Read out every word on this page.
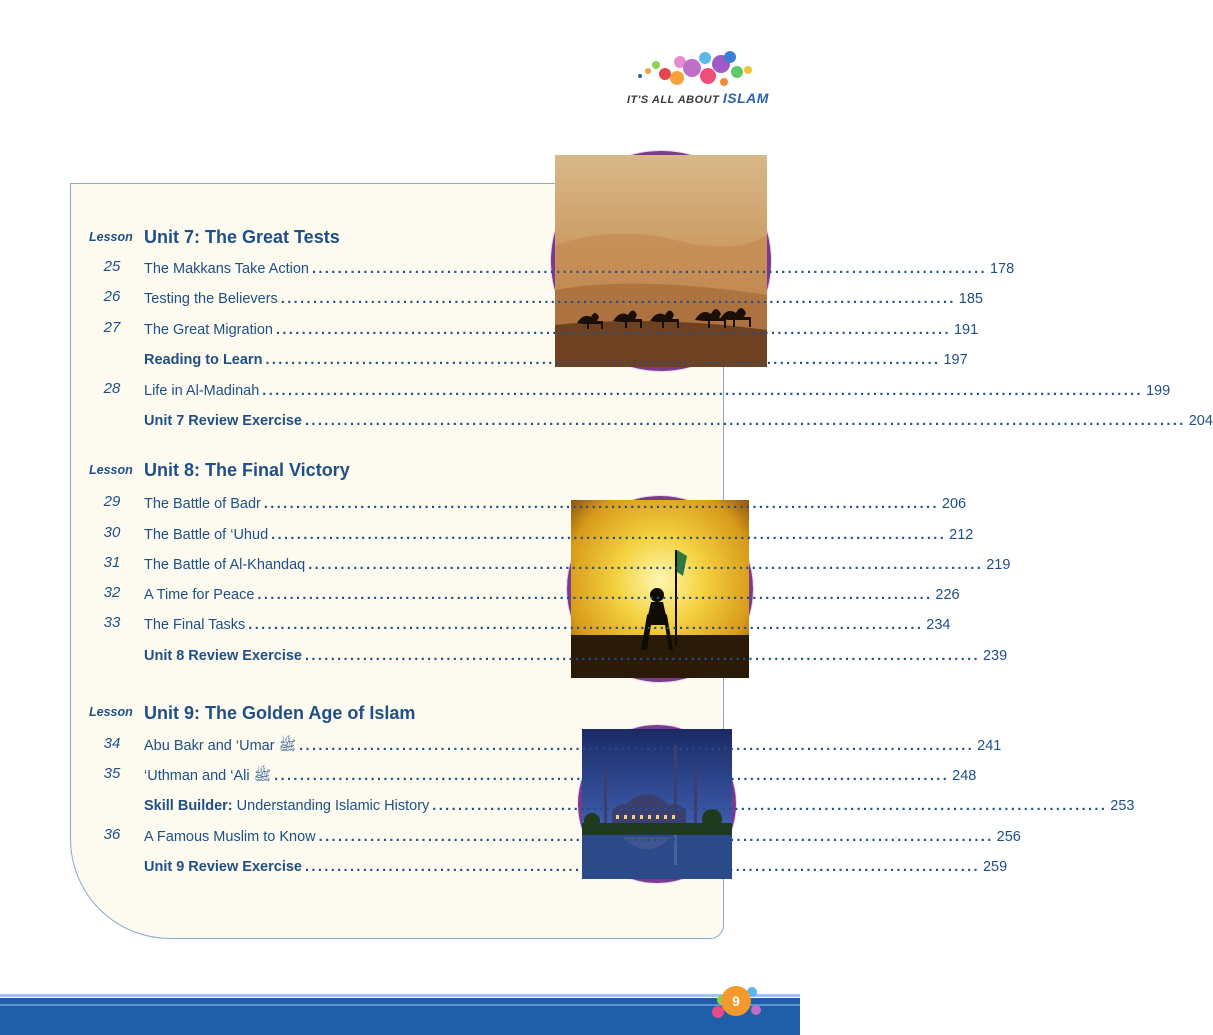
IT'S ALL ABOUT ISLAM
Lesson Unit 7: The Great Tests
25	The Makkans Take Action ......................................................................................................... 178
26	Testing the Believers ......................................................................................................... 185
27	The Great Migration ......................................................................................................... 191
Reading to Learn ......................................................................................................... 197
28	Life in Al-Madinah ......................................................................................................................................... 199
Unit 7 Review Exercise ......................................................................................................................................... 204
Lesson Unit 8: The Final Victory
29	The Battle of Badr ......................................................................................................... 206
30	The Battle of ‘Uhud ......................................................................................................... 212
31	The Battle of Al-Khandaq ......................................................................................................... 219
32	A Time for Peace ......................................................................................................... 226
33	The Final Tasks ......................................................................................................... 234
Unit 8 Review Exercise ......................................................................................................... 239
Lesson Unit 9: The Golden Age of Islam
34	Abu Bakr and ‘Umar ﷺ ......................................................................................................... 241
35	‘Uthman and ‘Ali ﷺ ......................................................................................................... 248
Skill Builder: Understanding Islamic History ......................................................................................................... 253
36	A Famous Muslim to Know ......................................................................................................... 256
Unit 9 Review Exercise ......................................................................................................... 259
9
